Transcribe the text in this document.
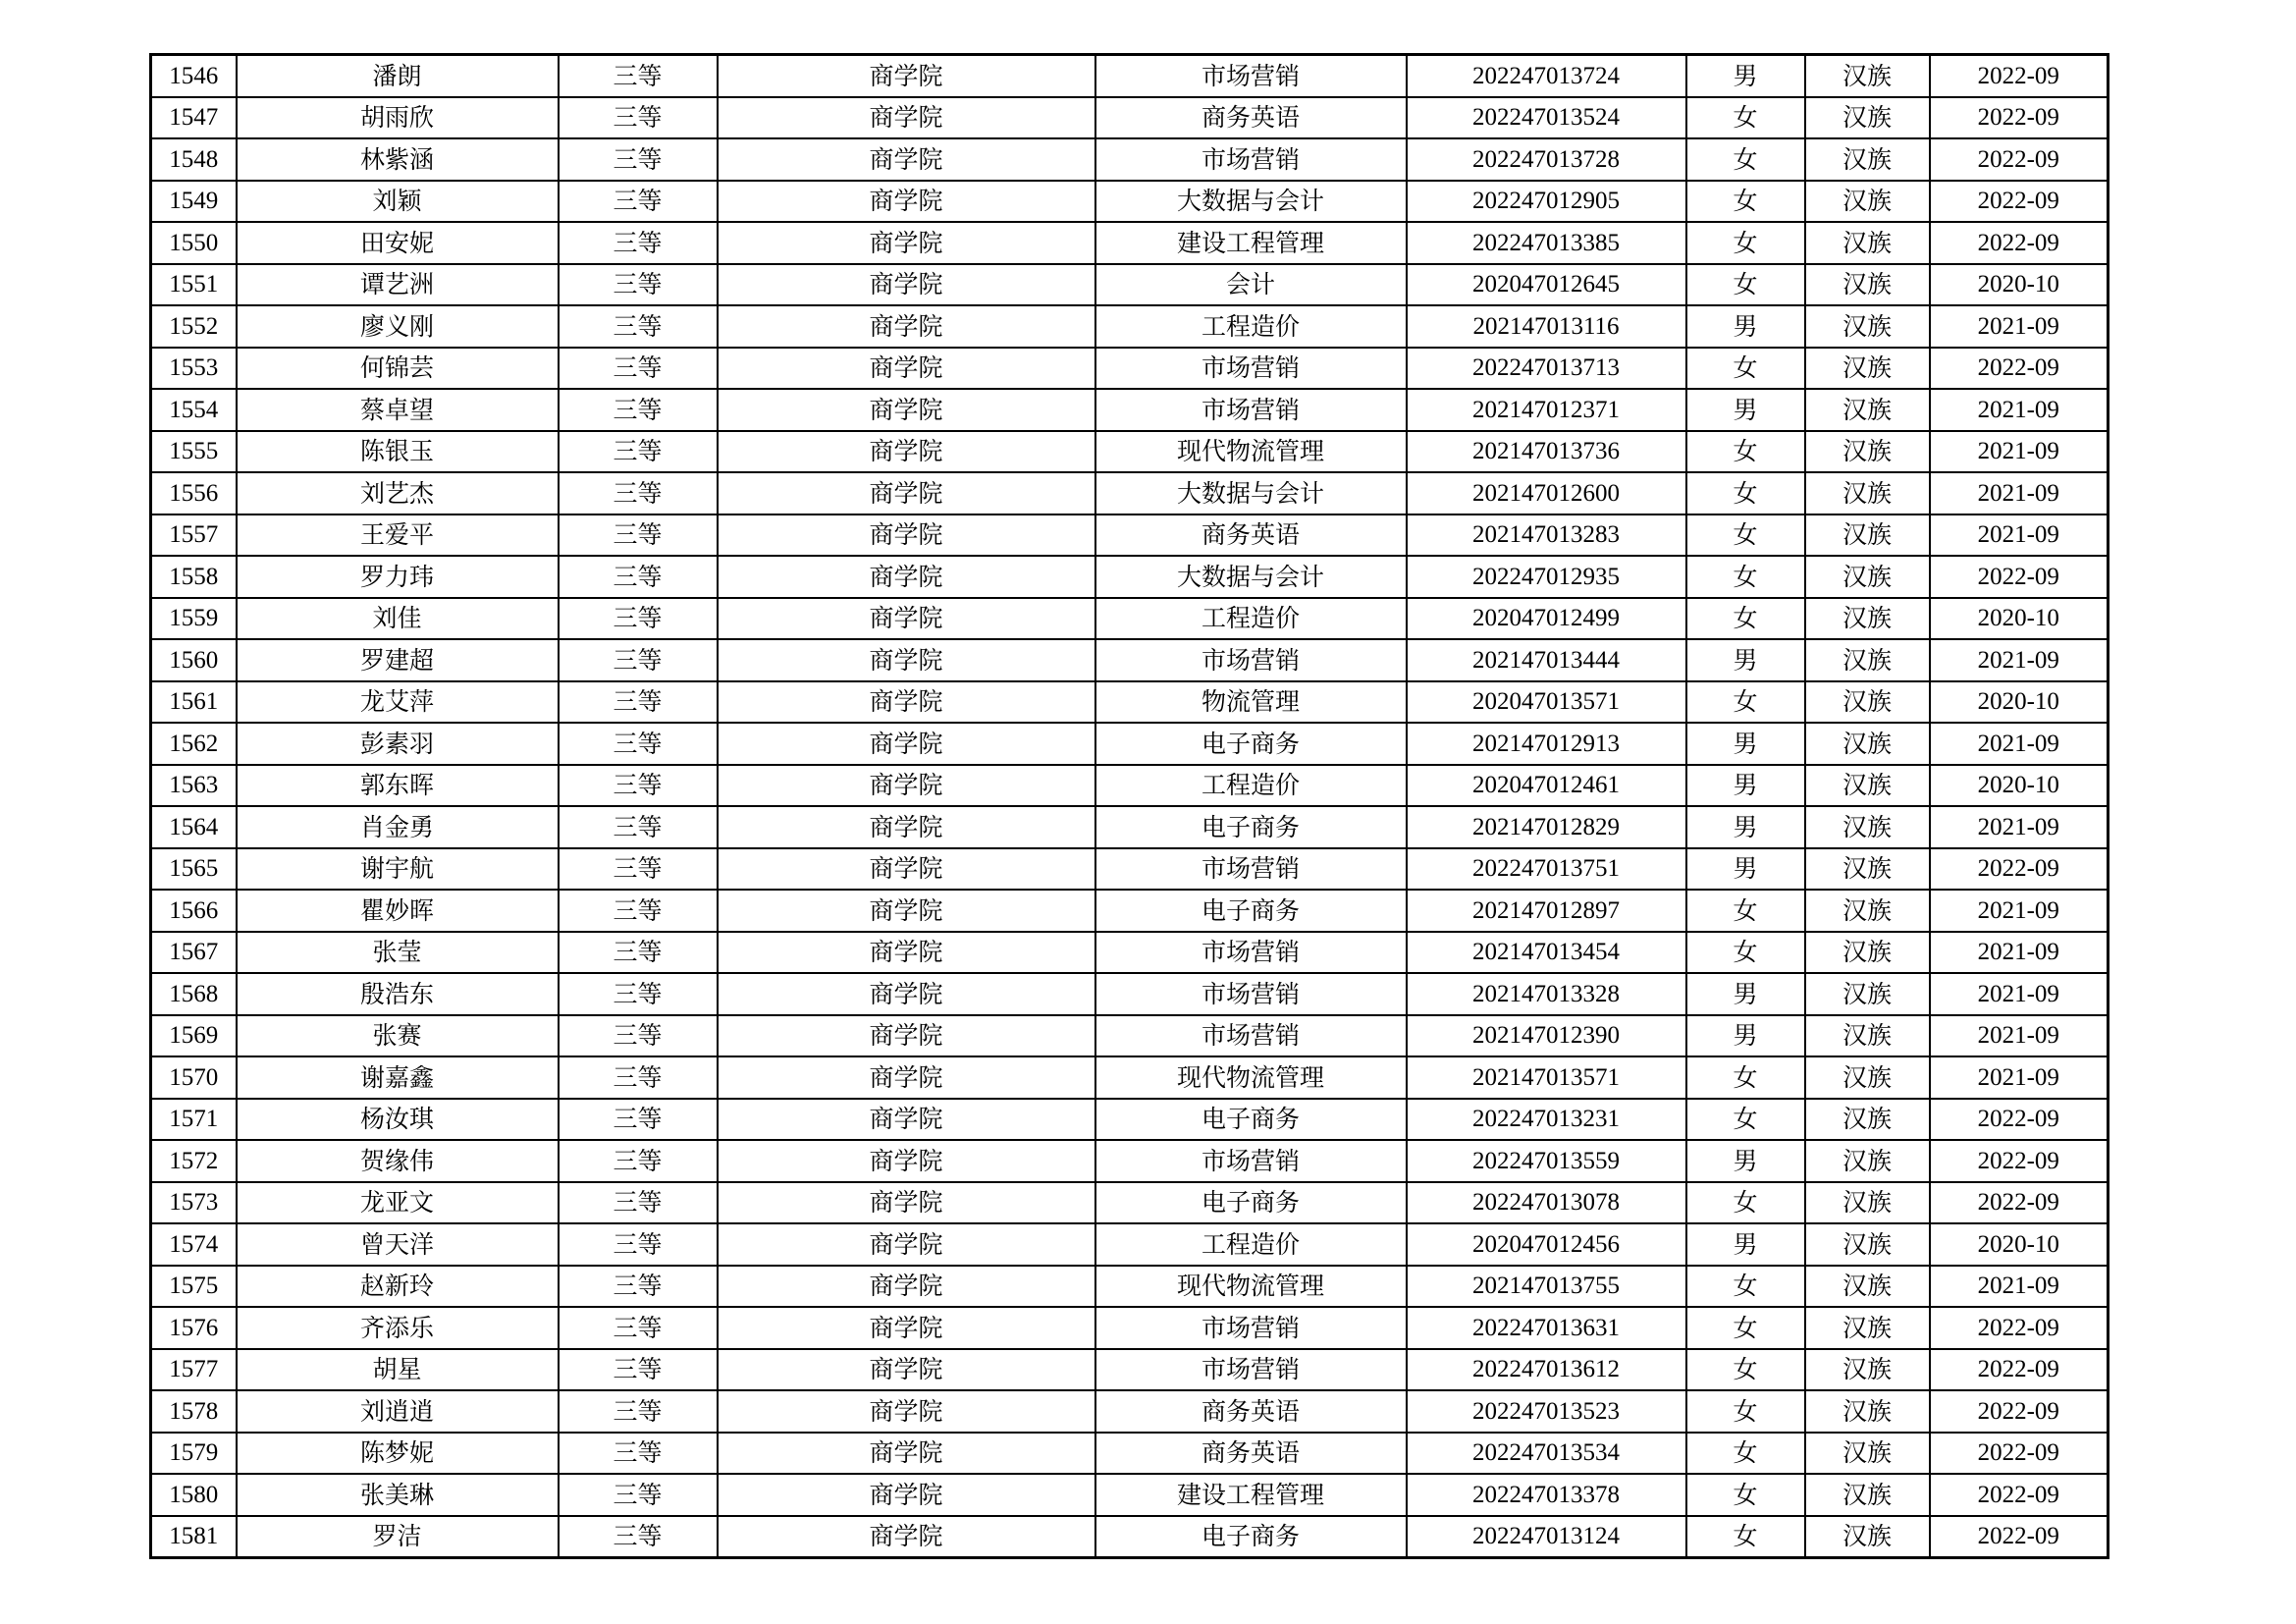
1546	潘朗	三等	商学院	市场营销	202247013724	男	汉族	2022-09
1547	胡雨欣	三等	商学院	商务英语	202247013524	女	汉族	2022-09
1548	林紫涵	三等	商学院	市场营销	202247013728	女	汉族	2022-09
1549	刘颖	三等	商学院	大数据与会计	202247012905	女	汉族	2022-09
1550	田安妮	三等	商学院	建设工程管理	202247013385	女	汉族	2022-09
1551	谭艺洲	三等	商学院	会计	202047012645	女	汉族	2020-10
1552	廖义刚	三等	商学院	工程造价	202147013116	男	汉族	2021-09
1553	何锦芸	三等	商学院	市场营销	202247013713	女	汉族	2022-09
1554	蔡卓望	三等	商学院	市场营销	202147012371	男	汉族	2021-09
1555	陈银玉	三等	商学院	现代物流管理	202147013736	女	汉族	2021-09
1556	刘艺杰	三等	商学院	大数据与会计	202147012600	女	汉族	2021-09
1557	王爱平	三等	商学院	商务英语	202147013283	女	汉族	2021-09
1558	罗力玮	三等	商学院	大数据与会计	202247012935	女	汉族	2022-09
1559	刘佳	三等	商学院	工程造价	202047012499	女	汉族	2020-10
1560	罗建超	三等	商学院	市场营销	202147013444	男	汉族	2021-09
1561	龙艾萍	三等	商学院	物流管理	202047013571	女	汉族	2020-10
1562	彭素羽	三等	商学院	电子商务	202147012913	男	汉族	2021-09
1563	郭东晖	三等	商学院	工程造价	202047012461	男	汉族	2020-10
1564	肖金勇	三等	商学院	电子商务	202147012829	男	汉族	2021-09
1565	谢宇航	三等	商学院	市场营销	202247013751	男	汉族	2022-09
1566	瞿妙晖	三等	商学院	电子商务	202147012897	女	汉族	2021-09
1567	张莹	三等	商学院	市场营销	202147013454	女	汉族	2021-09
1568	殷浩东	三等	商学院	市场营销	202147013328	男	汉族	2021-09
1569	张赛	三等	商学院	市场营销	202147012390	男	汉族	2021-09
1570	谢嘉鑫	三等	商学院	现代物流管理	202147013571	女	汉族	2021-09
1571	杨汝琪	三等	商学院	电子商务	202247013231	女	汉族	2022-09
1572	贺缘伟	三等	商学院	市场营销	202247013559	男	汉族	2022-09
1573	龙亚文	三等	商学院	电子商务	202247013078	女	汉族	2022-09
1574	曾天洋	三等	商学院	工程造价	202047012456	男	汉族	2020-10
1575	赵新玲	三等	商学院	现代物流管理	202147013755	女	汉族	2021-09
1576	齐添乐	三等	商学院	市场营销	202247013631	女	汉族	2022-09
1577	胡星	三等	商学院	市场营销	202247013612	女	汉族	2022-09
1578	刘逍逍	三等	商学院	商务英语	202247013523	女	汉族	2022-09
1579	陈梦妮	三等	商学院	商务英语	202247013534	女	汉族	2022-09
1580	张美琳	三等	商学院	建设工程管理	202247013378	女	汉族	2022-09
1581	罗洁	三等	商学院	电子商务	202247013124	女	汉族	2022-09
